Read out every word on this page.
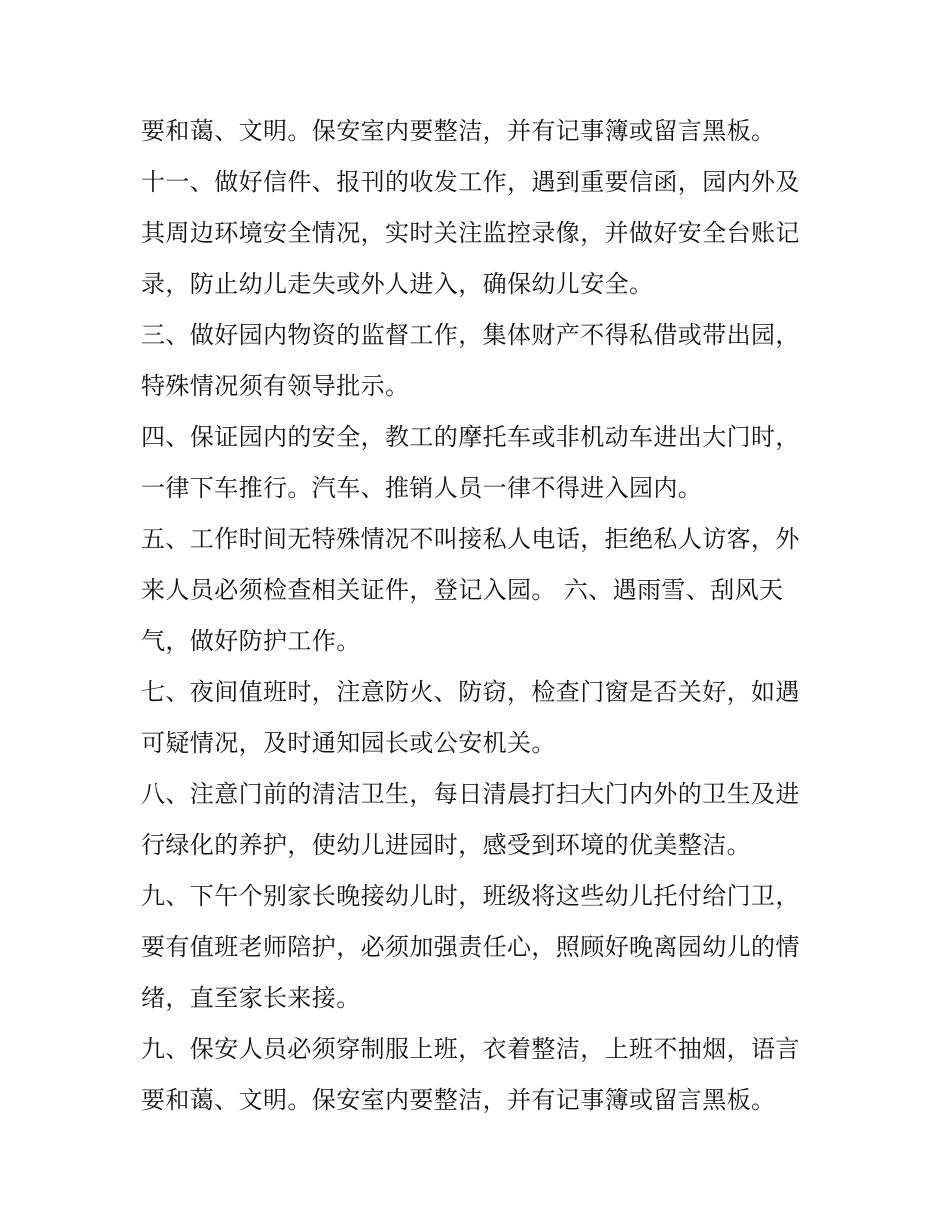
要和蔼、文明。保安室内要整洁，并有记事簿或留言黑板。
十一、做好信件、报刊的收发工作，遇到重要信函，园内外及
其周边环境安全情况，实时关注监控录像，并做好安全台账记
录，防止幼儿走失或外人进入，确保幼儿安全。
三、做好园内物资的监督工作，集体财产不得私借或带出园，
特殊情况须有领导批示。
四、保证园内的安全，教工的摩托车或非机动车进出大门时，
一律下车推行。汽车、推销人员一律不得进入园内。
五、工作时间无特殊情况不叫接私人电话，拒绝私人访客，外
来人员必须检查相关证件，登记入园。 六、遇雨雪、刮风天
气，做好防护工作。
七、夜间值班时，注意防火、防窃，检查门窗是否关好，如遇
可疑情况，及时通知园长或公安机关。
八、注意门前的清洁卫生，每日清晨打扫大门内外的卫生及进
行绿化的养护，使幼儿进园时，感受到环境的优美整洁。
九、下午个别家长晚接幼儿时，班级将这些幼儿托付给门卫，
要有值班老师陪护，必须加强责任心，照顾好晚离园幼儿的情
绪，直至家长来接。
九、保安人员必须穿制服上班，衣着整洁，上班不抽烟，语言
要和蔼、文明。保安室内要整洁，并有记事簿或留言黑板。
